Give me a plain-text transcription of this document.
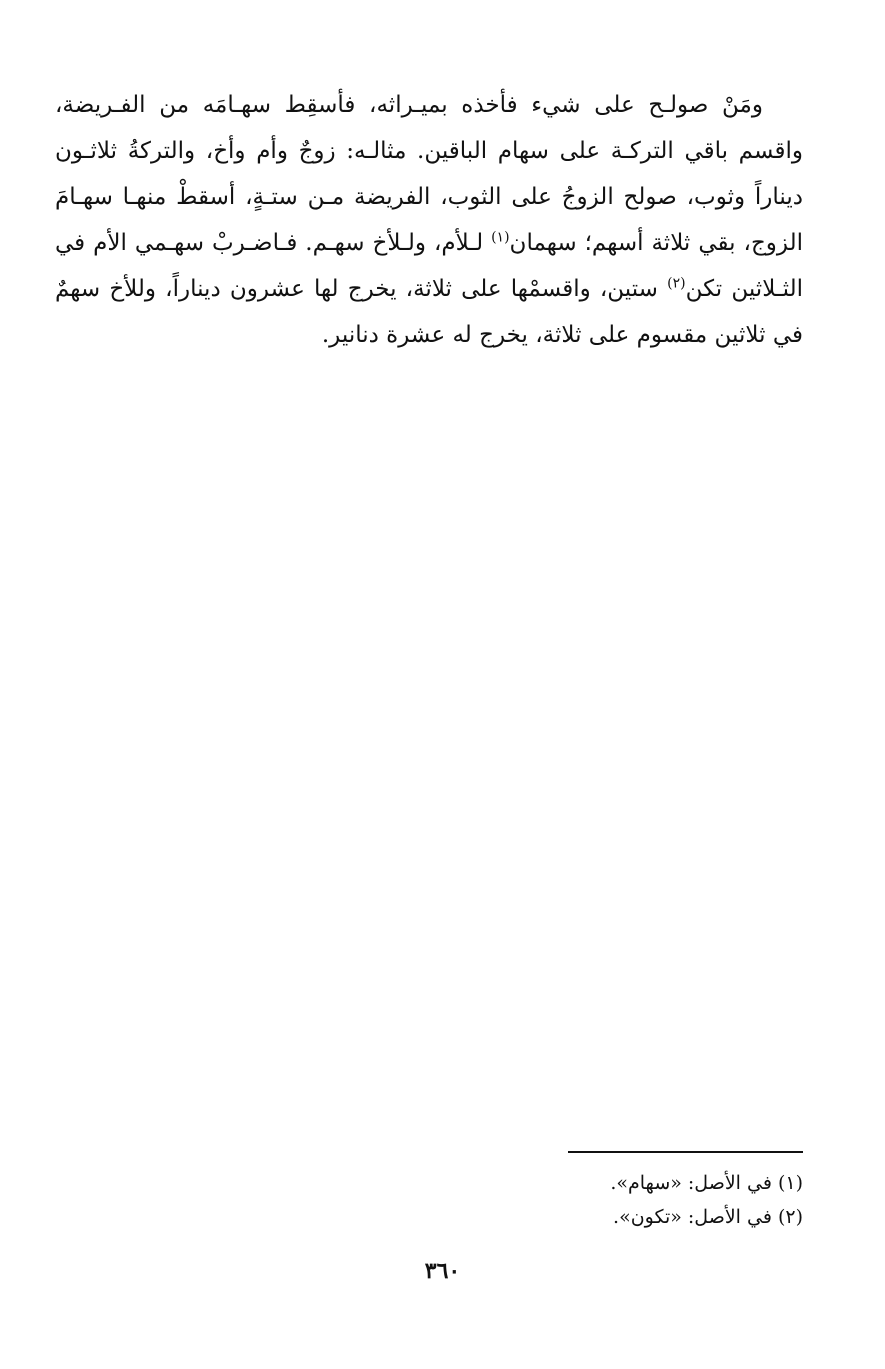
ومَنْ صولـح على شيء فأخذه بميـراثه، فأسقِط سهـامَه من الفـريضة، واقسم باقي التركـة على سهام الباقين. مثالـه: زوجٌ وأم وأخ، والتركةُ ثلاثـون ديناراً وثوب، صولح الزوجُ على الثوب، الفريضة مـن ستـةٍ، أسقطْ منهـا سهـامَ الزوج، بقي ثلاثة أسهم؛ سهمان$^{(١)}$ لـلأم، ولـلأخ سهـم. فـاضـربْ سهـمي الأم في الثـلاثين تكن$^{(٢)}$ ستين، واقسمْها على ثلاثة، يخرج لها عشرون ديناراً، وللأخ سهمٌ في ثلاثين مقسوم على ثلاثة، يخرج له عشرة دنانير.

(١) في الأصل: «سهام».
(٢) في الأصل: «تكون».
٣٦٠
